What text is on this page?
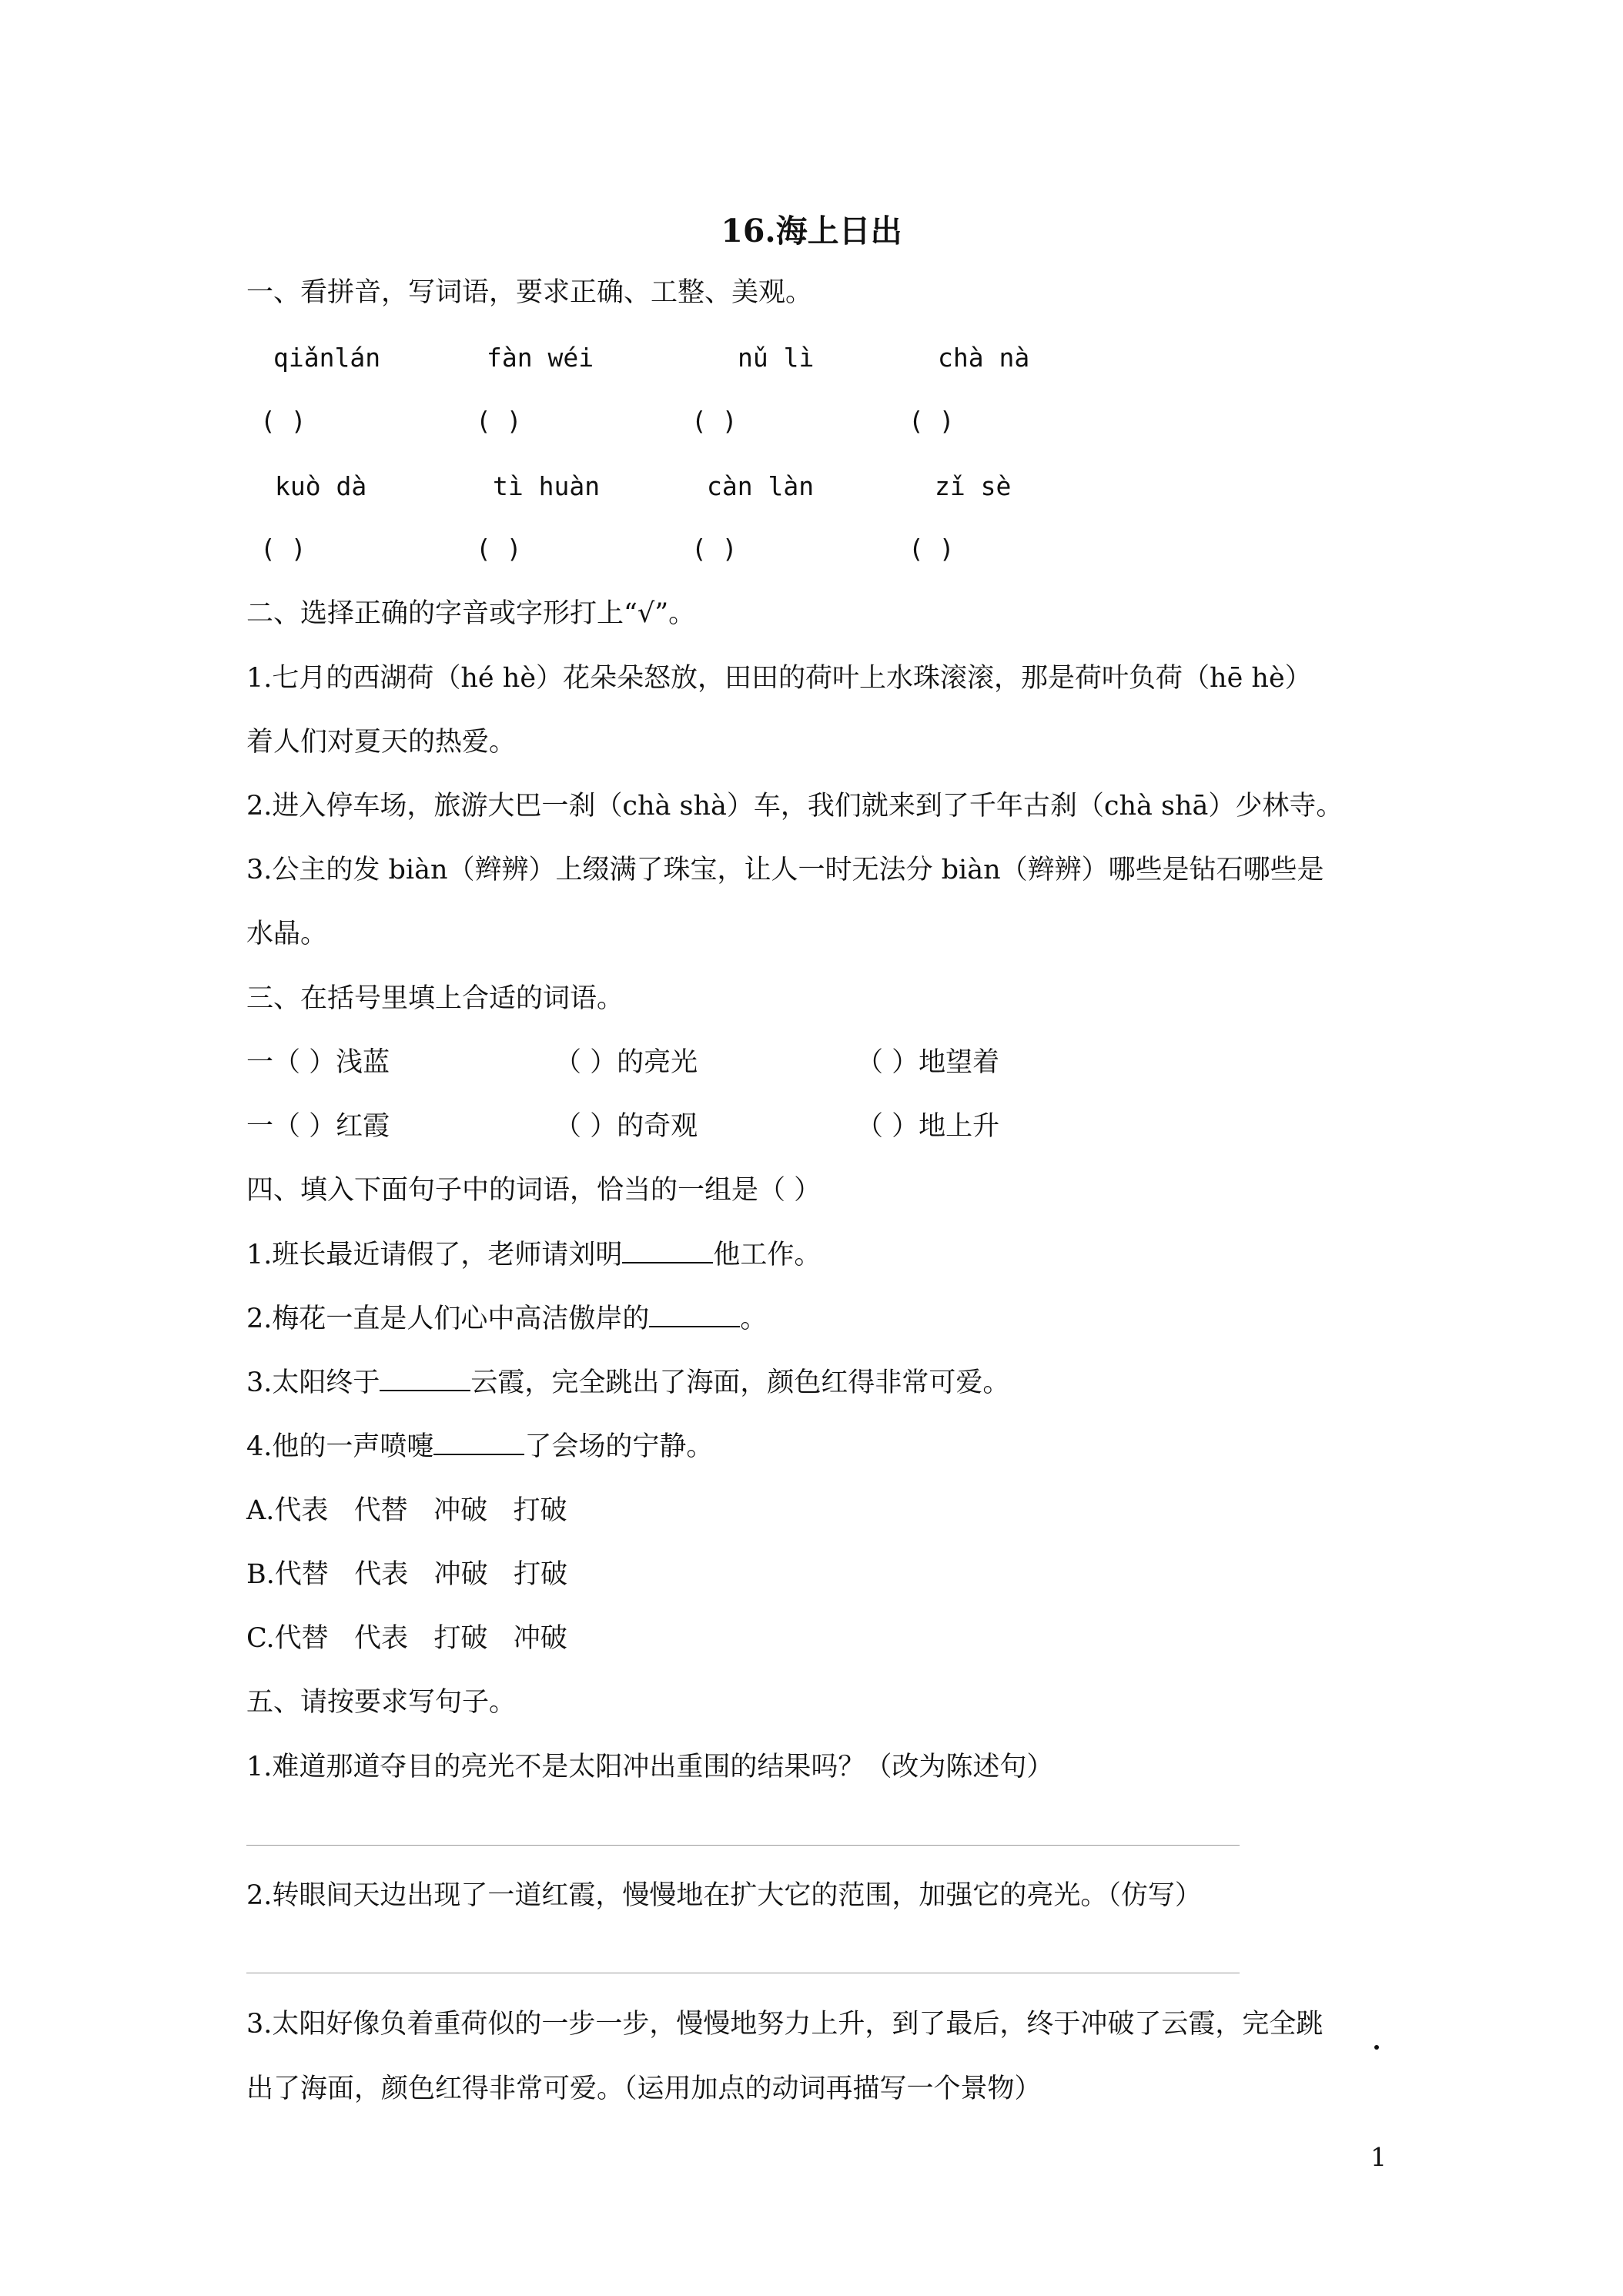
16.海上日出
一、看拼音，写词语，要求正确、工整、美观。
qiǎnlán	fàn wéi	nǔ lì	chà nà
( )	( )	( )	( )
kuò dà	tì huàn	càn làn	zǐ sè
( )	( )	( )	( )
二、选择正确的字音或字形打上“√”。
1.七月的西湖荷（hé hè）花朵朵怒放，田田的荷叶上水珠滚滚，那是荷叶负荷（hē hè）
着人们对夏天的热爱。
2.进入停车场，旅游大巴一刹（chà shà）车，我们就来到了千年古刹（chà shā）少林寺。
3.公主的发 biàn（辫辨）上缀满了珠宝，让人一时无法分 biàn（辫辨）哪些是钻石哪些是
水晶。
三、在括号里填上合适的词语。
一（ ）浅蓝	（ ）的亮光	（ ）地望着
一（ ）红霞	（ ）的奇观	（ ）地上升
四、填入下面句子中的词语，恰当的一组是（ ）
1.班长最近请假了，老师请刘明	他工作。
2.梅花一直是人们心中高洁傲岸的	。
3.太阳终于	云霞，完全跳出了海面，颜色红得非常可爱。
4.他的一声喷嚏	了会场的宁静。
A.代表   代替   冲破   打破
B.代替   代表   冲破   打破
C.代替   代表   打破   冲破
五、请按要求写句子。
1.难道那道夺目的亮光不是太阳冲出重围的结果吗？（改为陈述句）
2.转眼间天边出现了一道红霞，慢慢地在扩大它的范围，加强它的亮光。（仿写）
3.太阳好像负着重荷似的一步一步，慢慢地努力上升，到了最后，终于冲破了云霞，完全跳
出了海面，颜色红得非常可爱。（运用加点的动词再描写一个景物）
1
